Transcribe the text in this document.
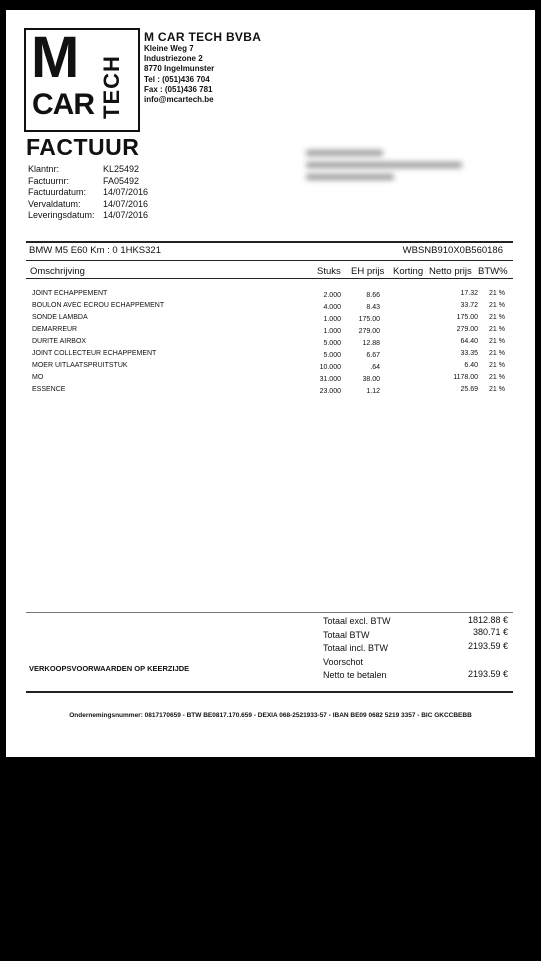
M
CAR TECH
M CAR TECH BVBA
Kleine Weg 7
Industriezone 2
8770 Ingelmunster
Tel : (051)436 704
Fax : (051)436 781
info@mcartech.be
FACTUUR
Klantnr:	KL25492
Factuurnr:	FA05492
Factuurdatum:	14/07/2016
Vervaldatum:	14/07/2016
Leveringsdatum: 14/07/2016
BMW M5 E60 Km : 0 1HKS321	WBSNB910X0B560186
Omschrijving	Stuks EH prijs Korting Netto prijs BTW%
JOINT ECHAPPEMENT	2.000	8.66	17.32 21 %
BOULON AVEC ECROU ECHAPPEMENT	4.000	8.43	33.72 21 %
SONDE LAMBDA	1.000	175.00	175.00 21 %
DEMARREUR	1.000	279.00	279.00 21 %
DURITE AIRBOX	5.000	12.88	64.40 21 %
JOINT COLLECTEUR ECHAPPEMENT	5.000	6.67	33.35 21 %
MOER UITLAATSPRUITSTUK	10.000	.64	6.40 21 %
MO	31.000	38.00	1178.00 21 %
ESSENCE	23.000	1.12	25.69 21 %
Totaal excl. BTW	1812.88 €
Totaal BTW	380.71 €
Totaal incl. BTW	2193.59 €
Voorschot
Netto te betalen	2193.59 €
VERKOOPSVOORWAARDEN OP KEERZIJDE
Ondernemingsnummer: 0817170659 - BTW BE0817.170.659 - DEXIA 068-2521933-57 - IBAN BE09 0682 5219 3357 - BIC GKCCBEBB
